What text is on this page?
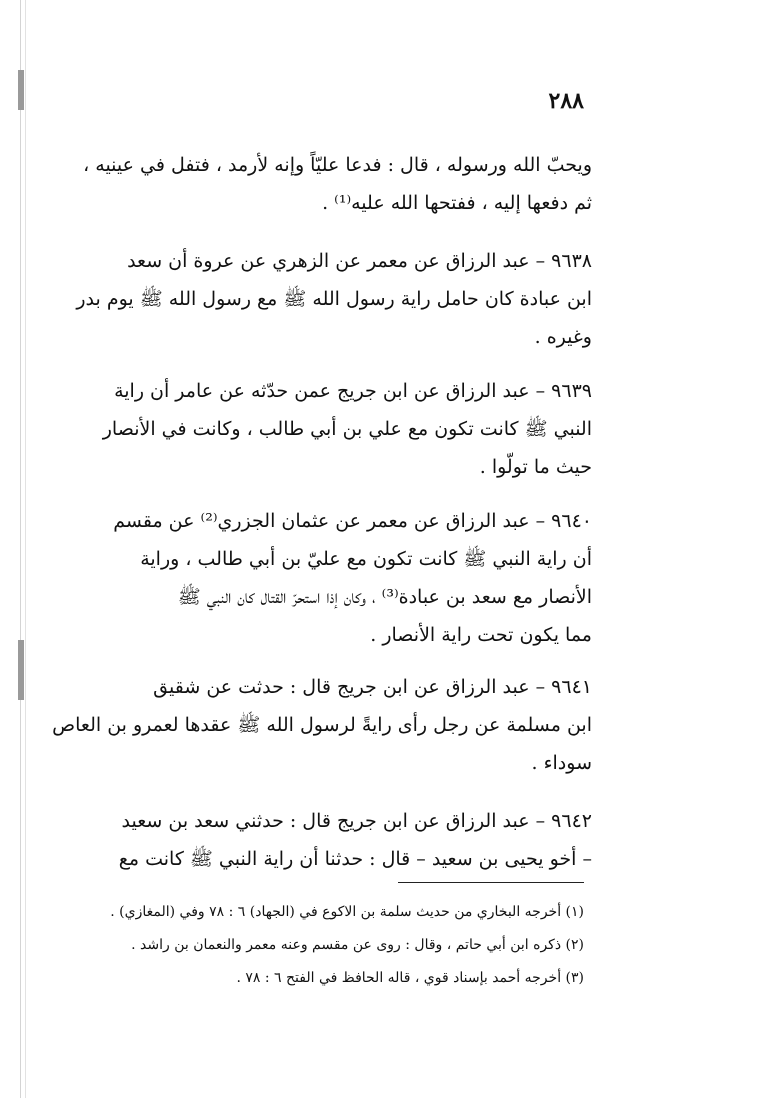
٢٨٨

ويحبّ الله ورسوله ، قال : فدعا عليّاً وإنه لأرمد ، فتفل في عينيه ،
ثم دفعها إليه ، ففتحها الله عليه⁽¹⁾ .

٩٦٣٨ – عبد الرزاق عن معمر عن الزهري عن عروة أن سعد
ابن عبادة كان حامل راية رسول الله ﷺ مع رسول الله ﷺ يوم بدر
وغيره .

٩٦٣٩ – عبد الرزاق عن ابن جريج عمن حدّثه عن عامر أن راية
النبي ﷺ كانت تكون مع علي بن أبي طالب ، وكانت في الأنصار
حيث ما تولّوا .

٩٦٤٠ – عبد الرزاق عن معمر عن عثمان الجزري⁽²⁾ عن مقسم
أن راية النبي ﷺ كانت تكون مع عليّ بن أبي طالب ، وراية
الأنصار مع سعد بن عبادة⁽³⁾ ، وكان إذا استحرّ القتال كان النبي ﷺ
مما يكون تحت راية الأنصار .

٩٦٤١ – عبد الرزاق عن ابن جريج قال : حدثت عن شقيق
ابن مسلمة عن رجل رأى رايةً لرسول الله ﷺ عقدها لعمرو بن العاص
سوداء .

٩٦٤٢ – عبد الرزاق عن ابن جريج قال : حدثني سعد بن سعيد
– أخو يحيى بن سعيد – قال : حدثنا أن راية النبي ﷺ كانت مع

(١) أخرجه البخاري من حديث سلمة بن الاكوع في (الجهاد) ٦ : ٧٨ وفي (المغازي) .
(٢) ذكره ابن أبي حاتم ، وقال : روى عن مقسم وعنه معمر والنعمان بن راشد .
(٣) أخرجه أحمد بإسناد قوي ، قاله الحافظ في الفتح ٦ : ٧٨ .
